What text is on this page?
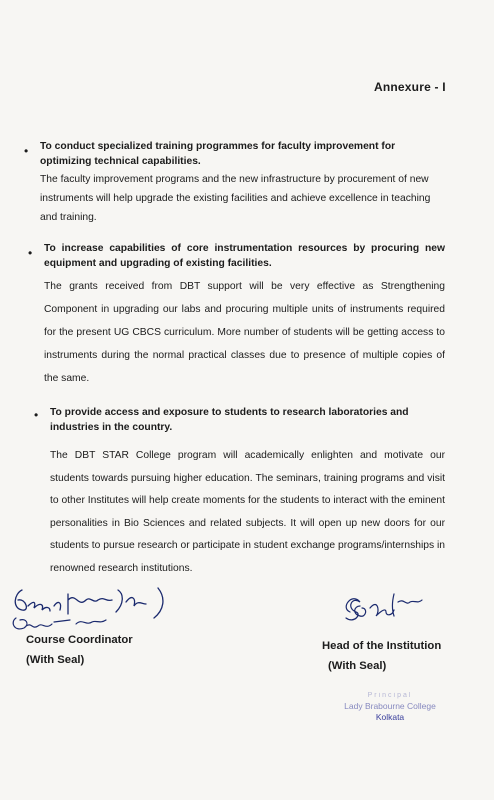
Annexure - I
• To conduct specialized training programmes for faculty improvement for optimizing technical capabilities.
The faculty improvement programs and the new infrastructure by procurement of new instruments will help upgrade the existing facilities and achieve excellence in teaching and training.
• To increase capabilities of core instrumentation resources by procuring new equipment and upgrading of existing facilities.
The grants received from DBT support will be very effective as Strengthening Component in upgrading our labs and procuring multiple units of instruments required for the present UG CBCS curriculum. More number of students will be getting access to instruments during the normal practical classes due to presence of multiple copies of the same.
• To provide access and exposure to students to research laboratories and industries in the country.
The DBT STAR College program will academically enlighten and motivate our students towards pursuing higher education. The seminars, training programs and visit to other Institutes will help create moments for the students to interact with the eminent personalities in Bio Sciences and related subjects. It will open up new doors for our students to pursue research or participate in student exchange programs/internships in renowned research institutions.
Course Coordinator
(With Seal)
Head of the Institution
(With Seal)
Principal
Lady Brabourne College
Kolkata
